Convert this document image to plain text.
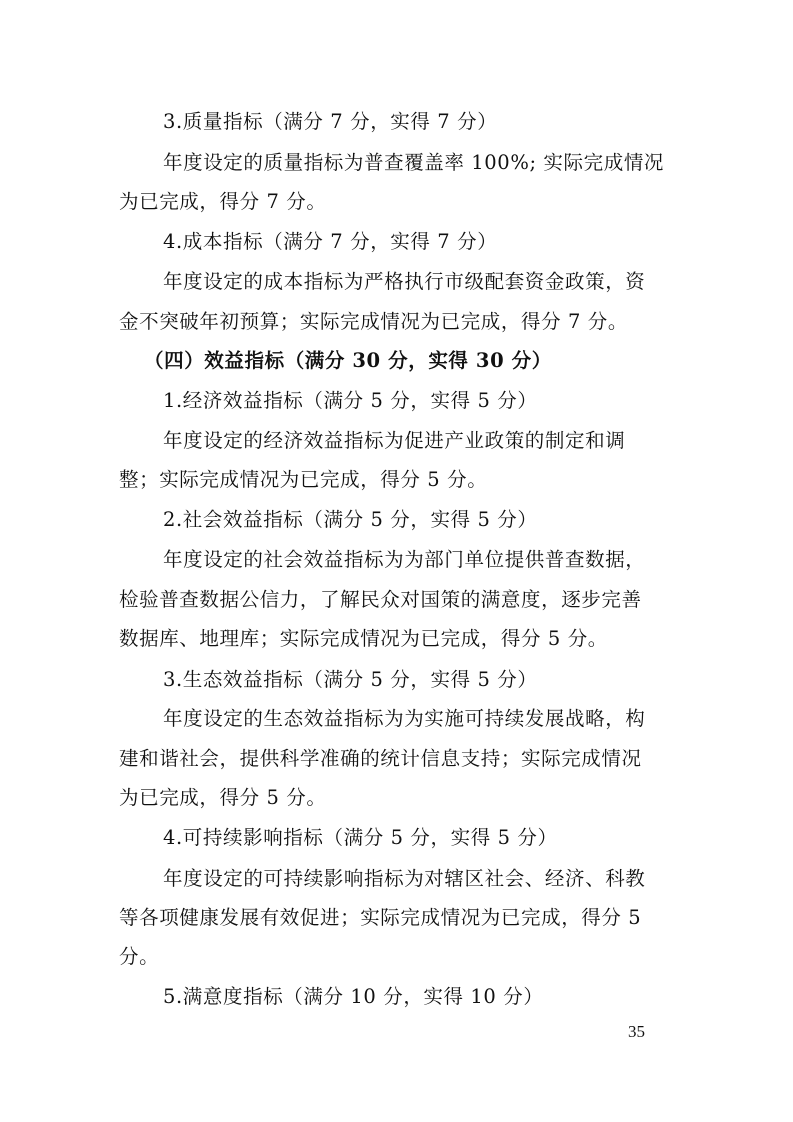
3.质量指标（满分 7 分，实得 7 分）
年度设定的质量指标为普查覆盖率 100%; 实际完成情况
为已完成，得分 7 分。
4.成本指标（满分 7 分，实得 7 分）
年度设定的成本指标为严格执行市级配套资金政策，资
金不突破年初预算；实际完成情况为已完成，得分 7 分。
（四）效益指标（满分 30 分，实得 30 分）
1.经济效益指标（满分 5 分，实得 5 分）
年度设定的经济效益指标为促进产业政策的制定和调
整；实际完成情况为已完成，得分 5 分。
2.社会效益指标（满分 5 分，实得 5 分）
年度设定的社会效益指标为为部门单位提供普查数据，
检验普查数据公信力，了解民众对国策的满意度，逐步完善
数据库、地理库；实际完成情况为已完成，得分 5 分。
3.生态效益指标（满分 5 分，实得 5 分）
年度设定的生态效益指标为为实施可持续发展战略，构
建和谐社会，提供科学准确的统计信息支持；实际完成情况
为已完成，得分 5 分。
4.可持续影响指标（满分 5 分，实得 5 分）
年度设定的可持续影响指标为对辖区社会、经济、科教
等各项健康发展有效促进；实际完成情况为已完成，得分 5
分。
5.满意度指标（满分 10 分，实得 10 分）
35
